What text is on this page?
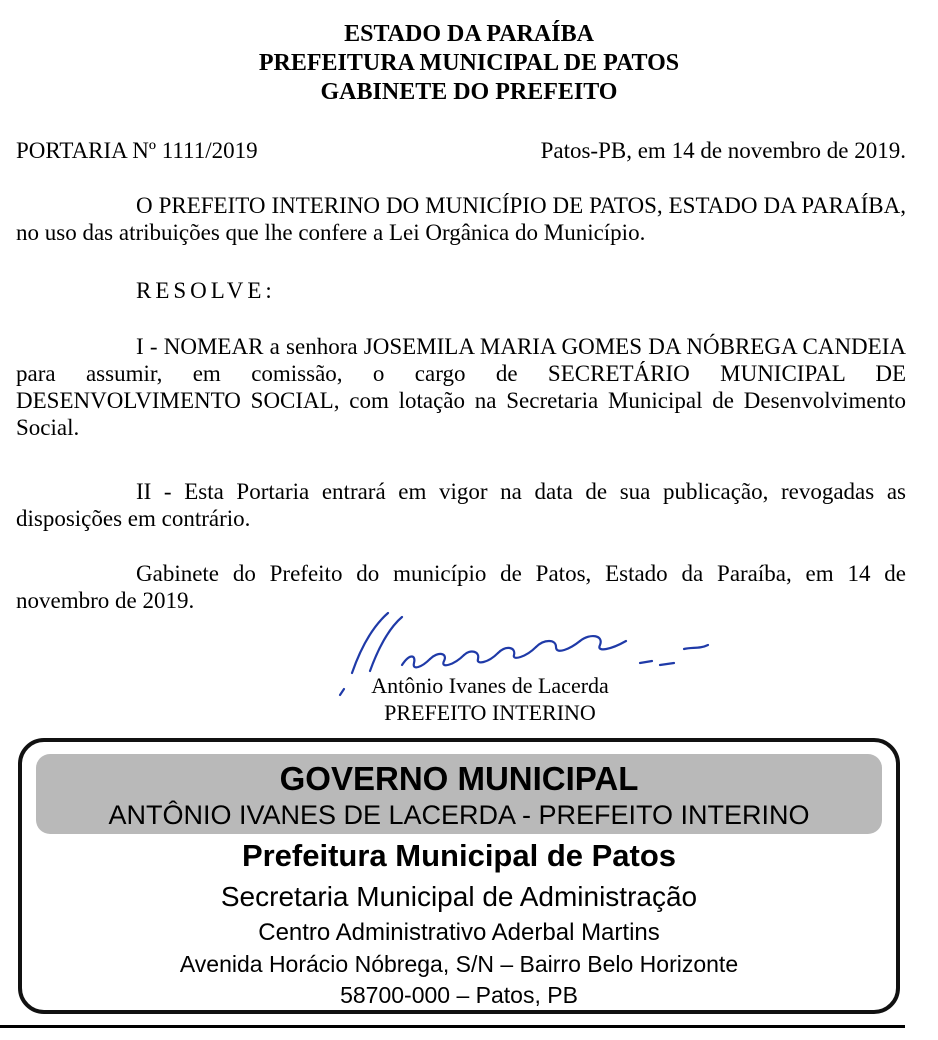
ESTADO DA PARAÍBA
PREFEITURA MUNICIPAL DE PATOS
GABINETE DO PREFEITO
PORTARIA Nº 1111/2019	Patos-PB, em 14 de novembro de 2019.
O PREFEITO INTERINO DO MUNICÍPIO DE PATOS, ESTADO DA PARAÍBA, no uso das atribuições que lhe confere a Lei Orgânica do Município.
RESOLVE:
I - NOMEAR a senhora JOSEMILA MARIA GOMES DA NÓBREGA CANDEIA para assumir, em comissão, o cargo de SECRETÁRIO MUNICIPAL DE DESENVOLVIMENTO SOCIAL, com lotação na Secretaria Municipal de Desenvolvimento Social.
II - Esta Portaria entrará em vigor na data de sua publicação, revogadas as disposições em contrário.
Gabinete do Prefeito do município de Patos, Estado da Paraíba, em 14 de novembro de 2019.
Antônio Ivanes de Lacerda
PREFEITO INTERINO
GOVERNO MUNICIPAL
ANTÔNIO IVANES DE LACERDA - PREFEITO INTERINO
Prefeitura Municipal de Patos
Secretaria Municipal de Administração
Centro Administrativo Aderbal Martins
Avenida Horácio Nóbrega, S/N – Bairro Belo Horizonte
58700-000 – Patos, PB
